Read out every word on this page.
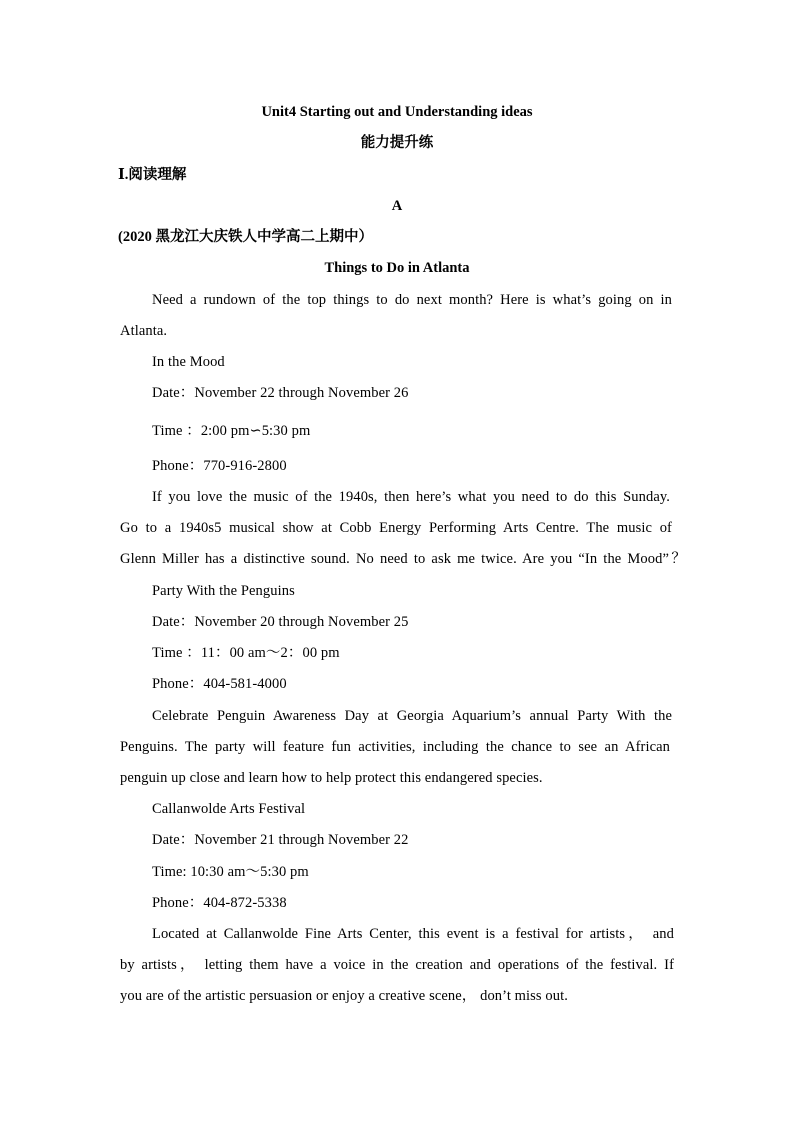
Unit4 Starting out and Understanding ideas
能力提升练
Ⅰ.阅读理解
A
(2020 黑龙江大庆铁人中学高二上期中）
Things to Do in Atlanta
Need a rundown of the top things to do next month? Here is what’s going on in
Atlanta.
In the Mood
Date：November 22 through November 26
Time ：2:00 pm∽5:30 pm
Phone：770-916-2800
If you love the music of the 1940s, then here’s what you need to do this Sunday.
Go to a 1940s5 musical show at Cobb Energy Performing Arts Centre. The music of
Glenn Miller has a distinctive sound. No need to ask me twice. Are you “In the Mood”？
Party With the Penguins
Date：November 20 through November 25
Time ：11：00 am～2：00 pm
Phone：404-581-4000
Celebrate Penguin Awareness Day at Georgia Aquarium’s annual Party With the
Penguins. The party will feature fun activities, including the chance to see an African
penguin up close and learn how to help protect this endangered species.
Callanwolde Arts Festival
Date：November 21 through November 22
Time: 10:30 am～5:30 pm
Phone：404-872-5338
Located at Callanwolde Fine Arts Center, this event is a festival for artists， and
by artists， letting them have a voice in the creation and operations of the festival. If
you are of the artistic persuasion or enjoy a creative scene， don’t miss out.
